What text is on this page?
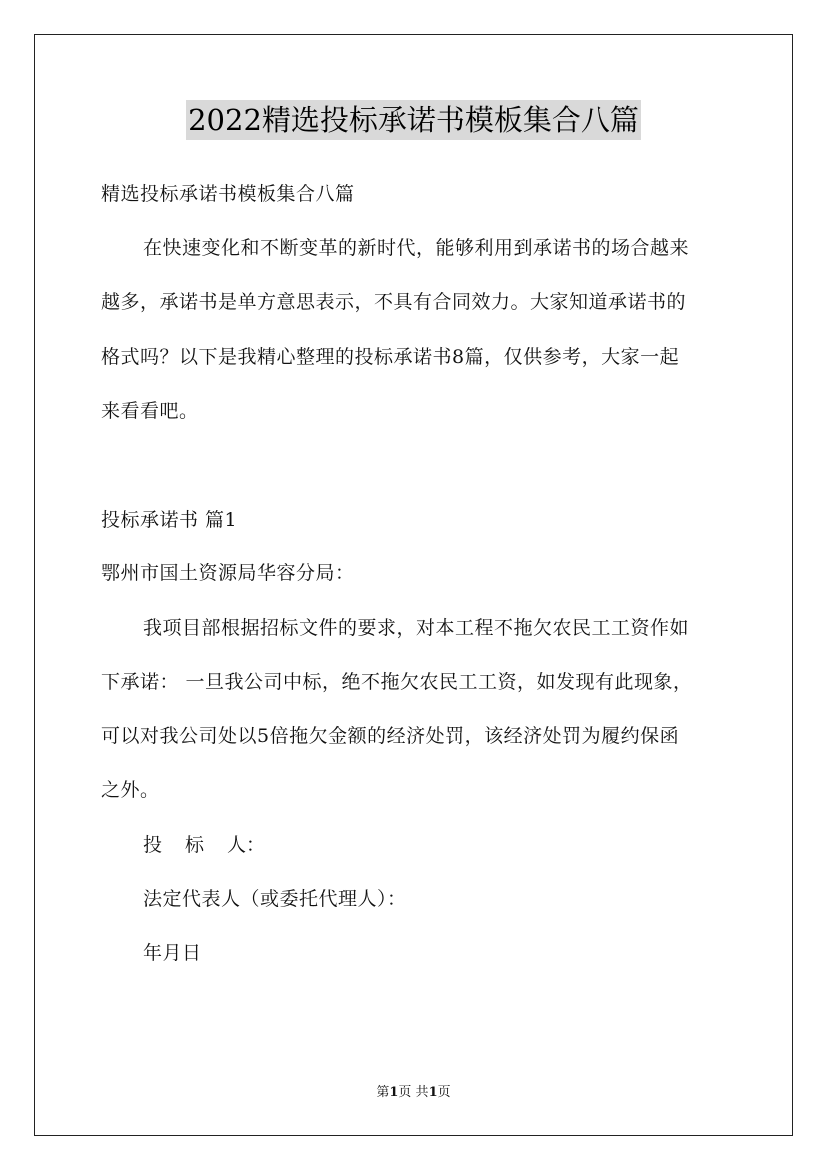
2022精选投标承诺书模板集合八篇
精选投标承诺书模板集合八篇
在快速变化和不断变革的新时代，能够利用到承诺书的场合越来
越多，承诺书是单方意思表示，不具有合同效力。大家知道承诺书的
格式吗？以下是我精心整理的投标承诺书8篇，仅供参考，大家一起
来看看吧。
投标承诺书 篇1
鄂州市国土资源局华容分局：
我项目部根据招标文件的要求，对本工程不拖欠农民工工资作如
下承诺： 一旦我公司中标，绝不拖欠农民工工资，如发现有此现象，
可以对我公司处以5倍拖欠金额的经济处罚，该经济处罚为履约保函
之外。
投 标 人：
法定代表人（或委托代理人）：
年月日
第1页 共1页
